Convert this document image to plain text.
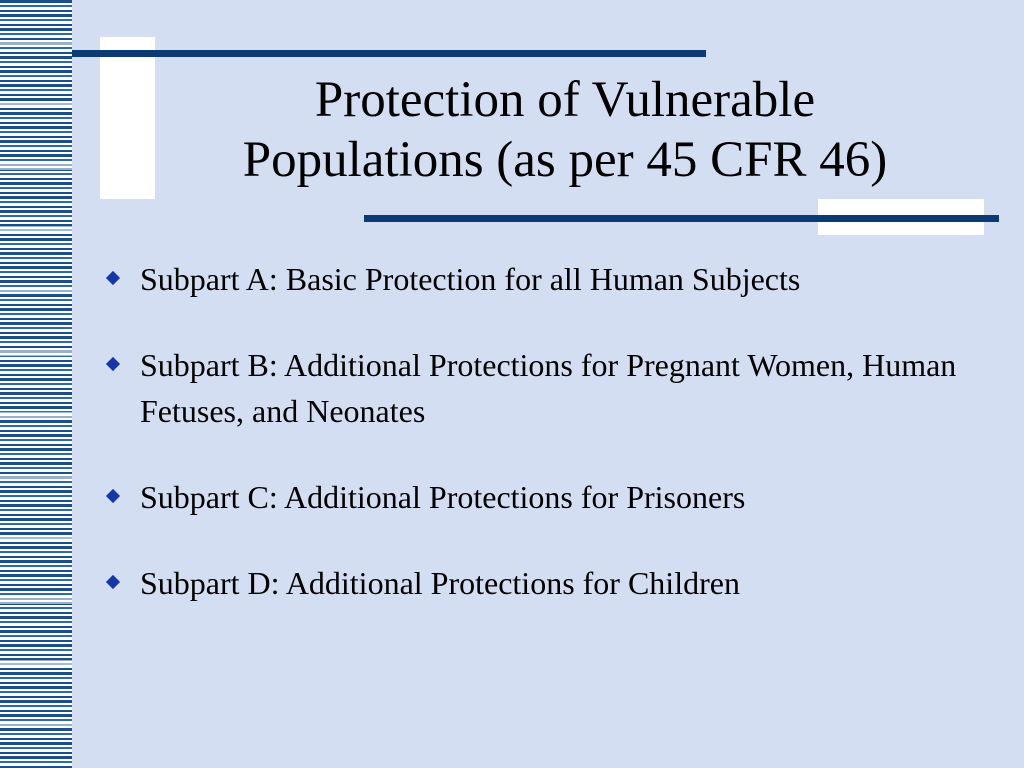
Protection of Vulnerable
Populations (as per 45 CFR 46)
Subpart A: Basic Protection for all Human Subjects
Subpart B: Additional Protections for Pregnant Women, Human Fetuses, and Neonates
Subpart C: Additional Protections for Prisoners
Subpart D: Additional Protections for Children
